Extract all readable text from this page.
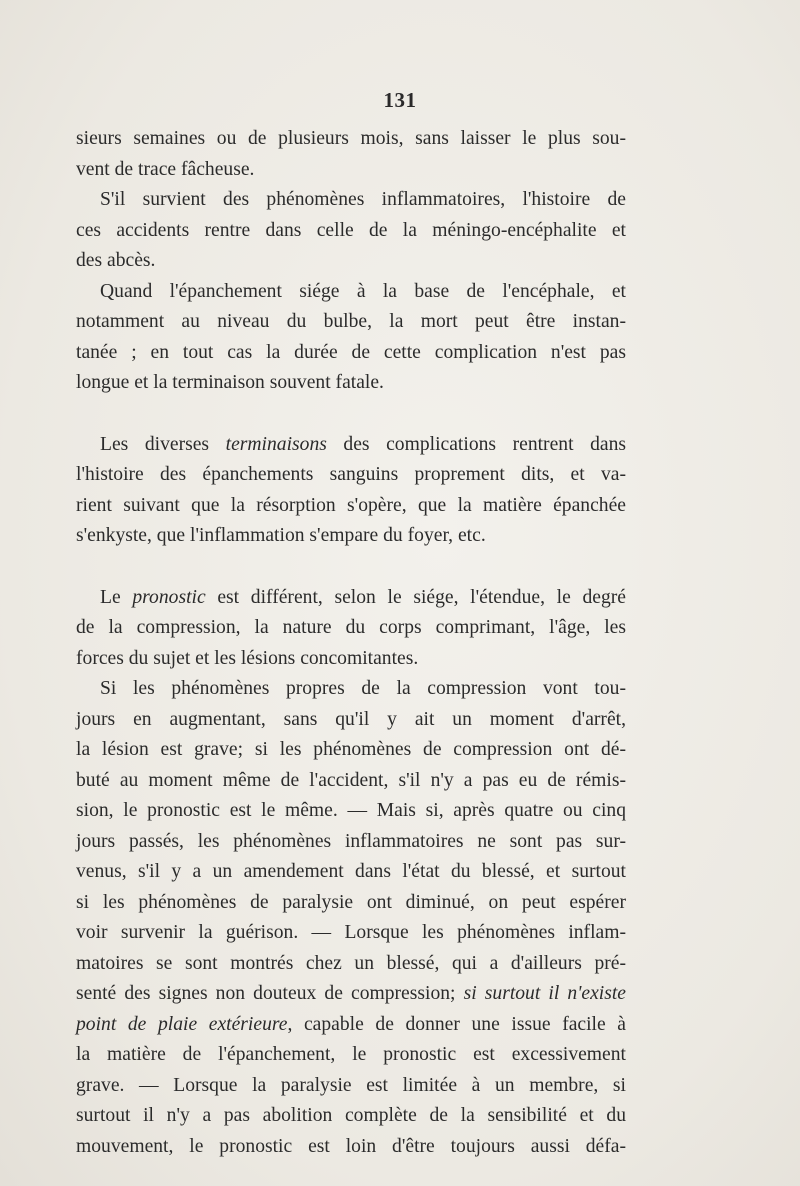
131
sieurs semaines ou de plusieurs mois, sans laisser le plus sou-
vent de trace fâcheuse.
S'il survient des phénomènes inflammatoires, l'histoire de
ces accidents rentre dans celle de la méningo-encéphalite et
des abcès.
Quand l'épanchement siége à la base de l'encéphale, et
notamment au niveau du bulbe, la mort peut être instan-
tanée ; en tout cas la durée de cette complication n'est pas
longue et la terminaison souvent fatale.
Les diverses terminaisons des complications rentrent dans
l'histoire des épanchements sanguins proprement dits, et va-
rient suivant que la résorption s'opère, que la matière épanchée
s'enkyste, que l'inflammation s'empare du foyer, etc.
Le pronostic est différent, selon le siége, l'étendue, le degré
de la compression, la nature du corps comprimant, l'âge, les
forces du sujet et les lésions concomitantes.
Si les phénomènes propres de la compression vont tou-
jours en augmentant, sans qu'il y ait un moment d'arrêt,
la lésion est grave; si les phénomènes de compression ont dé-
buté au moment même de l'accident, s'il n'y a pas eu de rémis-
sion, le pronostic est le même. — Mais si, après quatre ou cinq
jours passés, les phénomènes inflammatoires ne sont pas sur-
venus, s'il y a un amendement dans l'état du blessé, et surtout
si les phénomènes de paralysie ont diminué, on peut espérer
voir survenir la guérison. — Lorsque les phénomènes inflam-
matoires se sont montrés chez un blessé, qui a d'ailleurs pré-
senté des signes non douteux de compression; si surtout il n'existe
point de plaie extérieure, capable de donner une issue facile à
la matière de l'épanchement, le pronostic est excessivement
grave. — Lorsque la paralysie est limitée à un membre, si
surtout il n'y a pas abolition complète de la sensibilité et du
mouvement, le pronostic est loin d'être toujours aussi défa-
